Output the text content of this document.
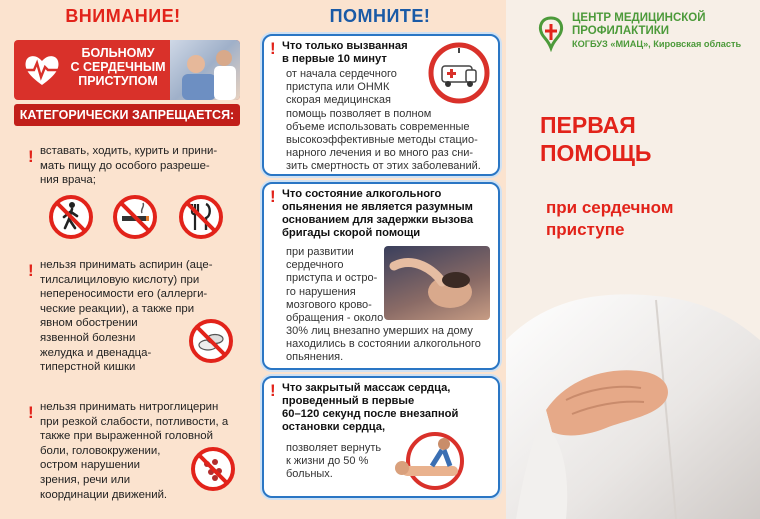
ВНИМАНИЕ!
БОЛЬНОМУ
С СЕРДЕЧНЫМ
ПРИСТУПОМ
КАТЕГОРИЧЕСКИ ЗАПРЕЩАЕТСЯ:
! вставать, ходить, курить и прини-
мать пищу до особого разреше-
ния врача;
! нельзя принимать аспирин (аце-
тилсалициловую кислоту) при
непереносимости его (аллерги-
ческие реакции), а также при
явном обострении
язвенной болезни
желудка и двенадца-
типерстной кишки
! нельзя принимать нитроглицерин
при резкой слабости, потливости, а
также при выраженной головной
боли, головокружении,
остром нарушении
зрения, речи или
координации движений.
ПОМНИТЕ!
! Что только вызванная
в первые 10 минут
от начала сердечного
приступа или ОНМК
скорая медицинская
помощь позволяет в полном
объеме использовать современные
высокоэффективные методы стацио-
нарного лечения и во много раз сни-
зить смертность от этих заболеваний.
! Что состояние алкогольного
опьянения не является разумным
основанием для задержки вызова
бригады скорой помощи
при развитии
сердечного
приступа и остро-
го нарушения
мозгового крово-
обращения - около
30% лиц внезапно умерших на дому
находились в состоянии алкогольного
опьянения.
! Что закрытый массаж сердца,
проведенный в первые
60–120 секунд после внезапной
остановки сердца,
позволяет вернуть
к жизни до 50 %
больных.
ЦЕНТР МЕДИЦИНСКОЙ
ПРОФИЛАКТИКИ
КОГБУЗ «МИАЦ», Кировская область
ПЕРВАЯ
ПОМОЩЬ
при сердечном
приступе
